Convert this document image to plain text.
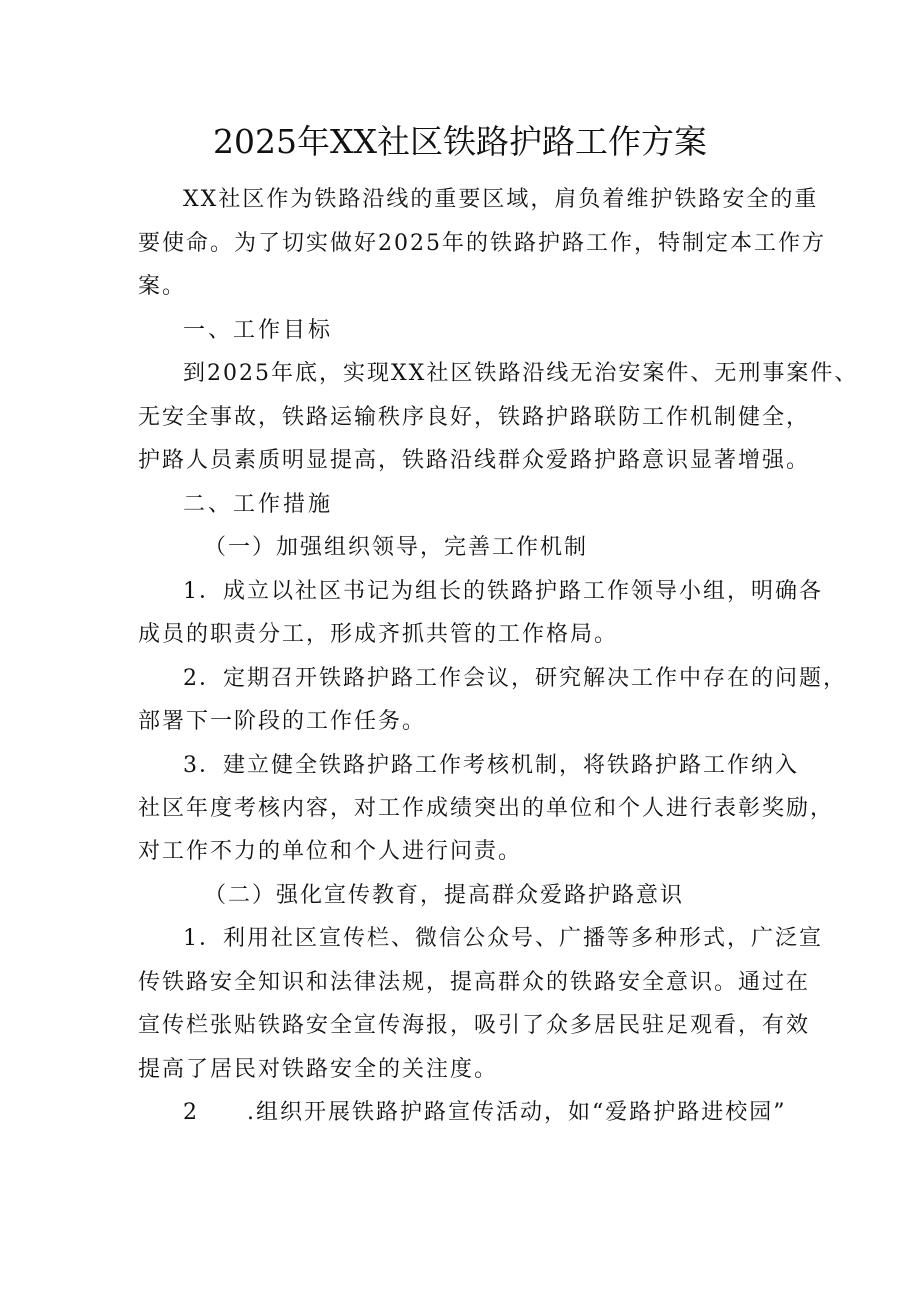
2025年XX社区铁路护路工作方案
XX社区作为铁路沿线的重要区域，肩负着维护铁路安全的重
要使命。为了切实做好2025年的铁路护路工作，特制定本工作方
案。
一、工作目标
到2025年底，实现XX社区铁路沿线无治安案件、无刑事案件、
无安全事故，铁路运输秩序良好，铁路护路联防工作机制健全，
护路人员素质明显提高，铁路沿线群众爱路护路意识显著增强。
二、工作措施
（一）加强组织领导，完善工作机制
1．成立以社区书记为组长的铁路护路工作领导小组，明确各
成员的职责分工，形成齐抓共管的工作格局。
2．定期召开铁路护路工作会议，研究解决工作中存在的问题，
部署下一阶段的工作任务。
3．建立健全铁路护路工作考核机制，将铁路护路工作纳入
社区年度考核内容，对工作成绩突出的单位和个人进行表彰奖励，
对工作不力的单位和个人进行问责。
（二）强化宣传教育，提高群众爱路护路意识
1．利用社区宣传栏、微信公众号、广播等多种形式，广泛宣
传铁路安全知识和法律法规，提高群众的铁路安全意识。通过在
宣传栏张贴铁路安全宣传海报，吸引了众多居民驻足观看，有效
提高了居民对铁路安全的关注度。
2　　.组织开展铁路护路宣传活动，如“爱路护路进校园”
